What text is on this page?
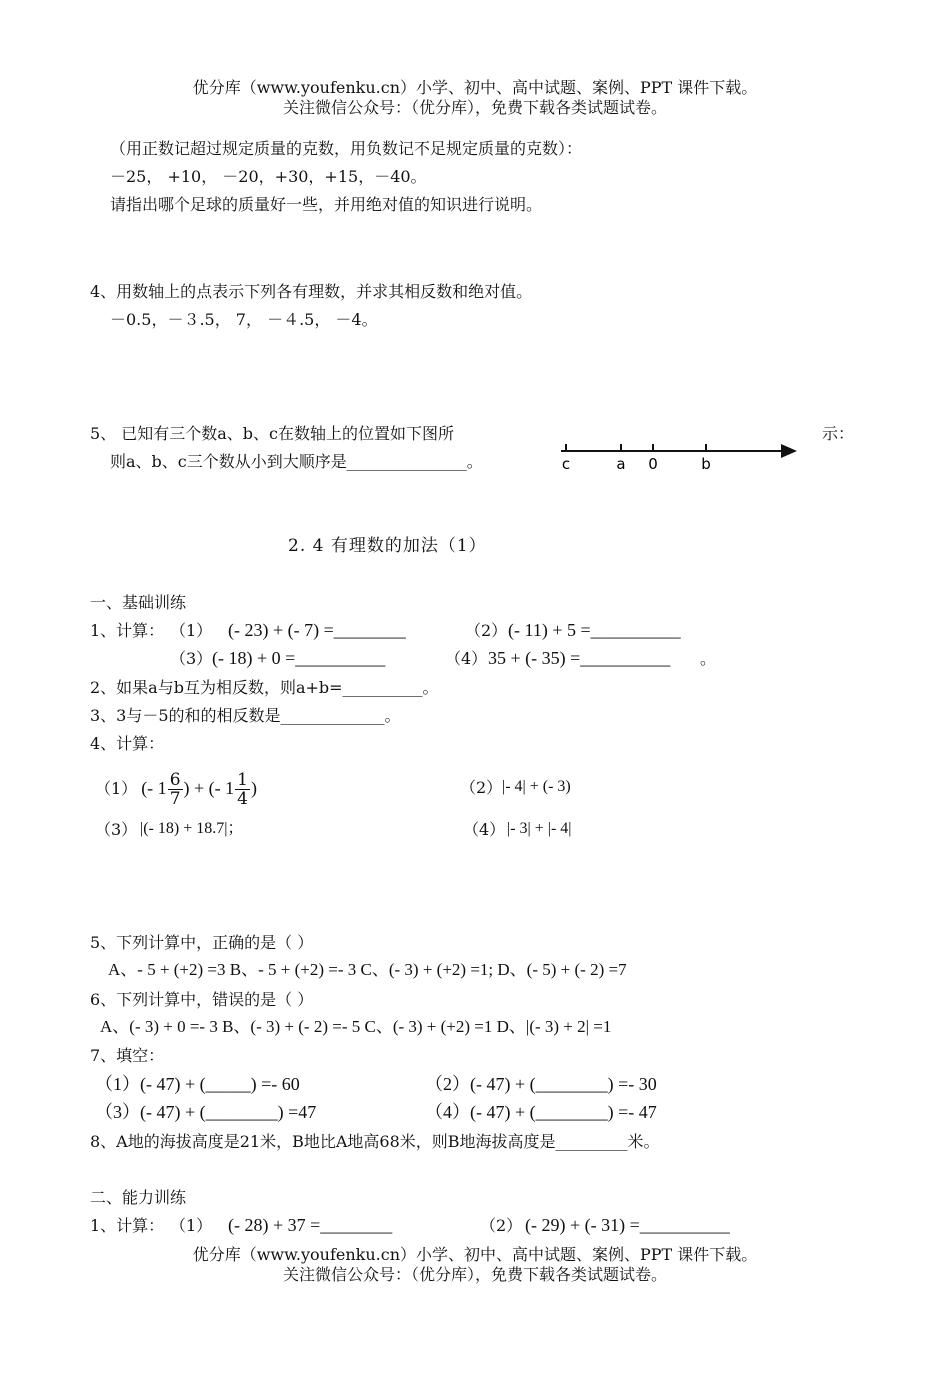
优分库（www.youfenku.cn）小学、初中、高中试题、案例、PPT 课件下载。
关注微信公众号：（优分库），免费下载各类试题试卷。
（用正数记超过规定质量的克数，用负数记不足规定质量的克数）：
－25， +10， －20，+30，+15，－40。
请指出哪个足球的质量好一些，并用绝对值的知识进行说明。
4、用数轴上的点表示下列各有理数，并求其相反数和绝对值。
－0.5，－３.5， 7， －４.5， －4。
5、 已知有三个数a、b、c在数轴上的位置如下图所	示：
则a、b、c三个数从小到大顺序是_______________。	c	a 0	b
2. 4 有理数的加法（1）
一、基础训练
1、计算： （1） (- 23) + (- 7) =________	（2） (- 11) + 5 =__________
（3） (- 18) + 0 =__________	（4） 35 + (- 35) =__________ 。
2、如果a与b互为相反数，则a+b=__________。
3、3与－5的和的相反数是_____________。
4、计算：
（1） (- $1 \frac{6}{7}$ ) + (- $1 \frac{1}{4}$ )	（2） |- 4| + (- 3)
（3） |(- 18) + 18.7|；	（4） |- 3| + |- 4|
5、下列计算中，正确的是（ ）
A、- 5 + (+2) =3 B、- 5 + (+2) =- 3 C、(- 3) + (+2) =1; D、(- 5) + (- 2) =7
6、下列计算中，错误的是（ ）
A、(- 3) + 0 =- 3 B、(- 3) + (- 2) =- 5 C、(- 3) + (+2) =1 D、|(- 3) + 2| =1
7、填空：
（1）(- 47) + (_____) =- 60	（2）(- 47) + (________) =- 30
（3）(- 47) + (________) =47	（4）(- 47) + (________) =- 47
8、A地的海拔高度是21米，B地比A地高68米，则B地海拔高度是_________米。
二、能力训练
1、计算： （1） (- 28) + 37 =________	（2） (- 29) + (- 31) =__________
优分库（www.youfenku.cn）小学、初中、高中试题、案例、PPT 课件下载。
关注微信公众号：（优分库），免费下载各类试题试卷。
